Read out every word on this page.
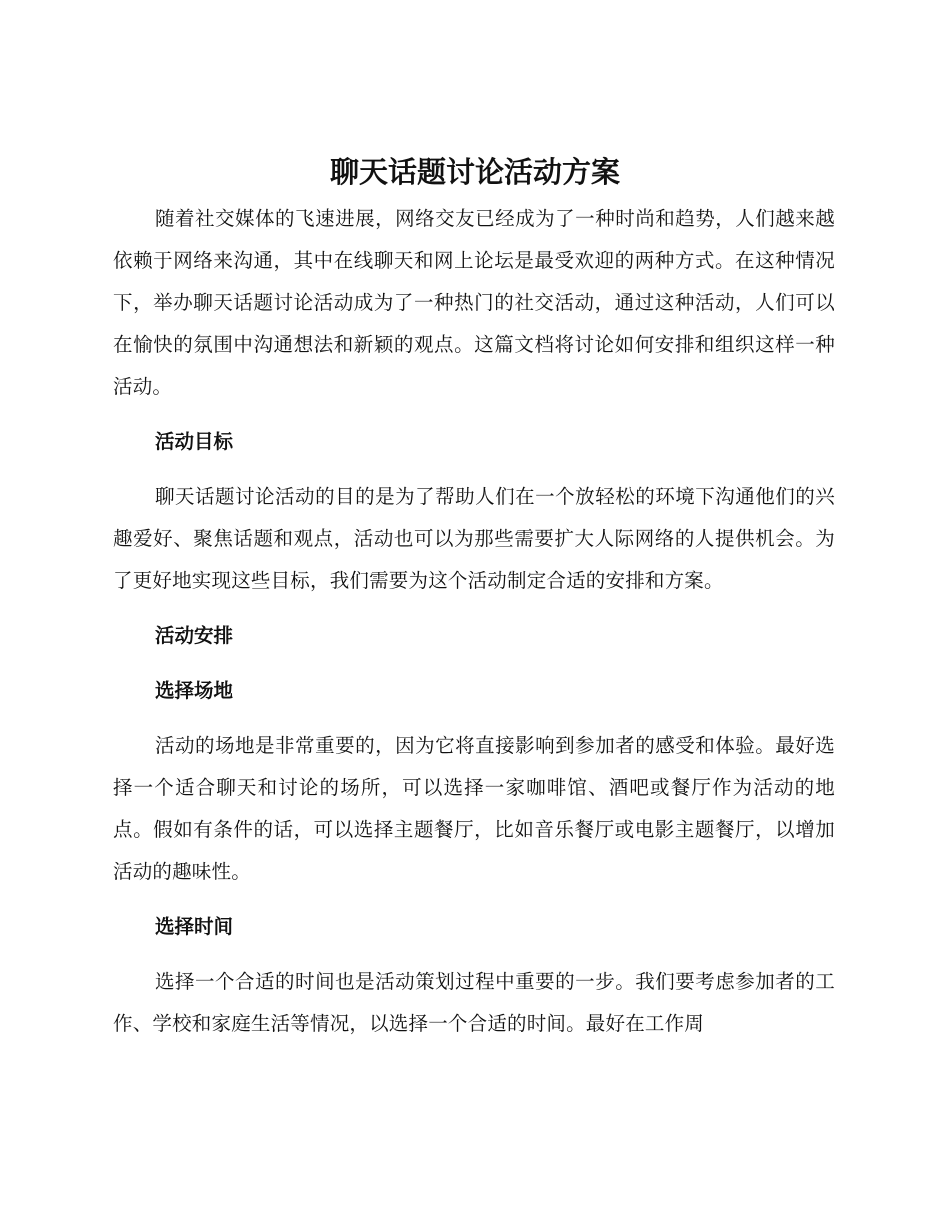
聊天话题讨论活动方案

随着社交媒体的飞速进展，网络交友已经成为了一种时尚和趋势，人们越来越依赖于网络来沟通，其中在线聊天和网上论坛是最受欢迎的两种方式。在这种情况下，举办聊天话题讨论活动成为了一种热门的社交活动，通过这种活动，人们可以在愉快的氛围中沟通想法和新颖的观点。这篇文档将讨论如何安排和组织这样一种活动。

活动目标

聊天话题讨论活动的目的是为了帮助人们在一个放轻松的环境下沟通他们的兴趣爱好、聚焦话题和观点，活动也可以为那些需要扩大人际网络的人提供机会。为了更好地实现这些目标，我们需要为这个活动制定合适的安排和方案。

活动安排
选择场地

活动的场地是非常重要的，因为它将直接影响到参加者的感受和体验。最好选择一个适合聊天和讨论的场所，可以选择一家咖啡馆、酒吧或餐厅作为活动的地点。假如有条件的话，可以选择主题餐厅，比如音乐餐厅或电影主题餐厅，以增加活动的趣味性。

选择时间

选择一个合适的时间也是活动策划过程中重要的一步。我们要考虑参加者的工作、学校和家庭生活等情况，以选择一个合适的时间。最好在工作周
